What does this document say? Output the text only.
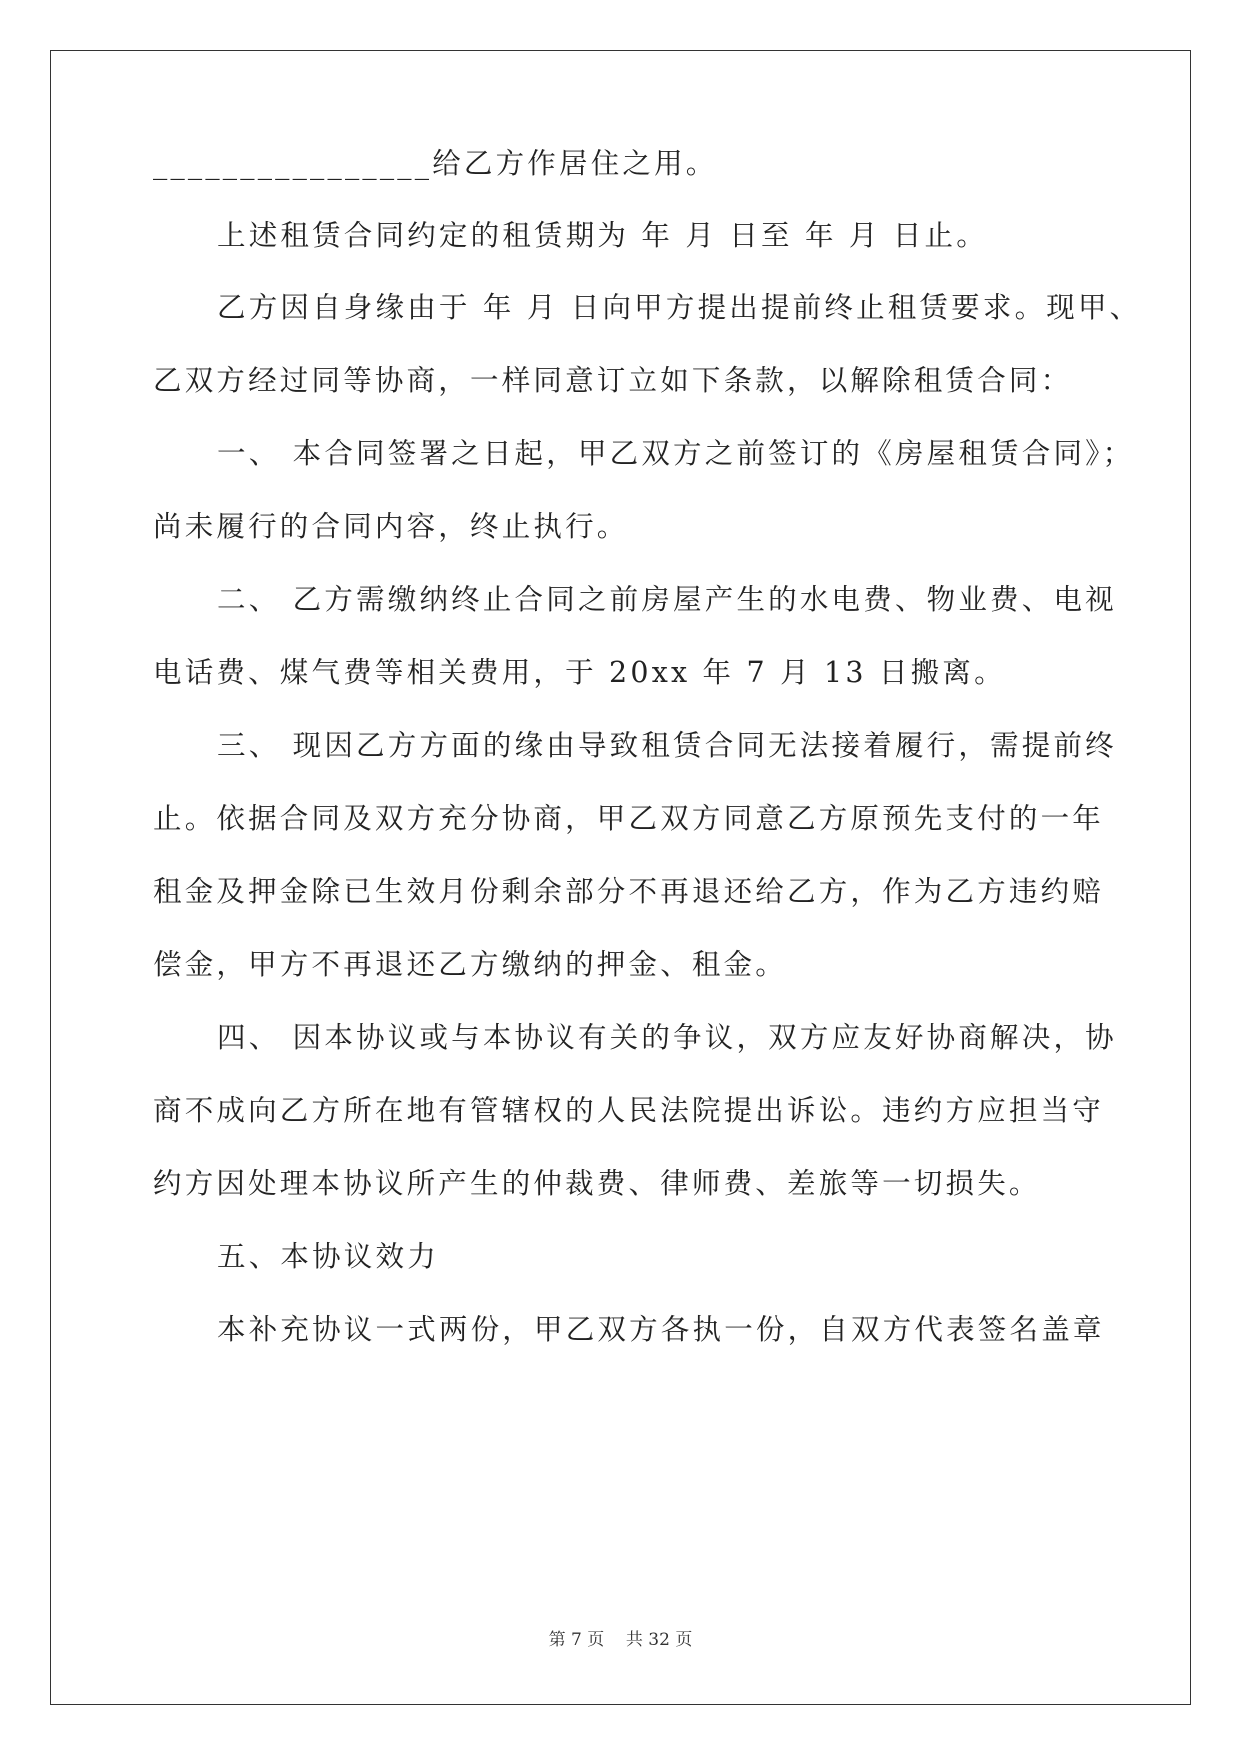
________________给乙方作居住之用。
上述租赁合同约定的租赁期为 年 月 日至 年 月 日止。
乙方因自身缘由于 年 月 日向甲方提出提前终止租赁要求。现甲、
乙双方经过同等协商，一样同意订立如下条款，以解除租赁合同：
一、 本合同签署之日起，甲乙双方之前签订的《房屋租赁合同》；
尚未履行的合同内容，终止执行。
二、 乙方需缴纳终止合同之前房屋产生的水电费、物业费、电视
电话费、煤气费等相关费用，于 20xx 年 7 月 13 日搬离。
三、 现因乙方方面的缘由导致租赁合同无法接着履行，需提前终
止。依据合同及双方充分协商，甲乙双方同意乙方原预先支付的一年
租金及押金除已生效月份剩余部分不再退还给乙方，作为乙方违约赔
偿金，甲方不再退还乙方缴纳的押金、租金。
四、 因本协议或与本协议有关的争议，双方应友好协商解决，协
商不成向乙方所在地有管辖权的人民法院提出诉讼。违约方应担当守
约方因处理本协议所产生的仲裁费、律师费、差旅等一切损失。
五、本协议效力
本补充协议一式两份，甲乙双方各执一份，自双方代表签名盖章
第 7 页    共 32 页
